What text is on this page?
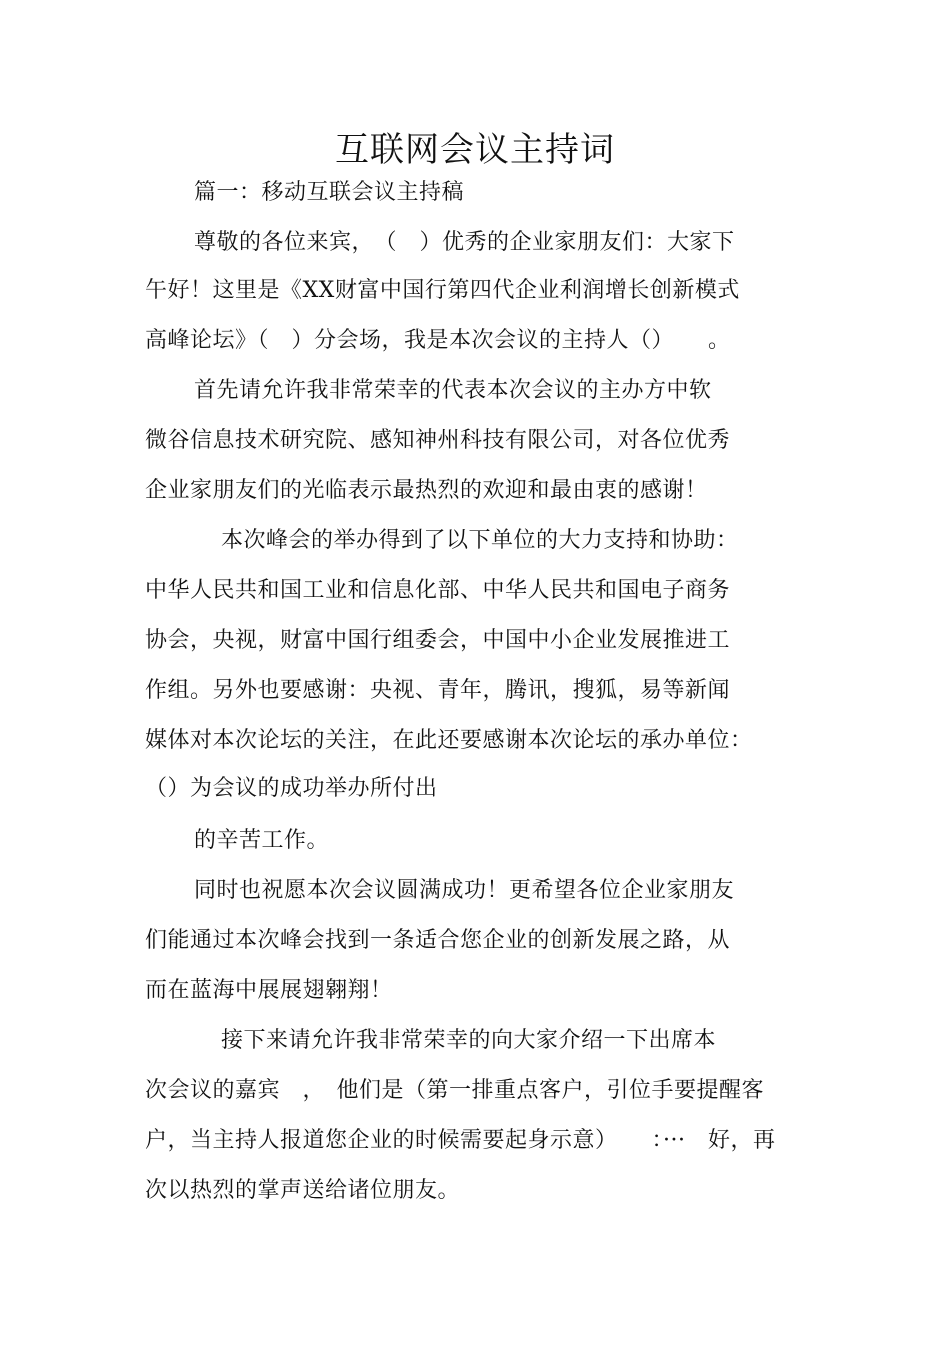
互联网会议主持词
篇一：移动互联会议主持稿
尊敬的各位来宾，　（　）优秀的企业家朋友们：大家下
午好！这里是《XX财富中国行第四代企业利润增长创新模式
高峰论坛》（　）分会场，我是本次会议的主持人（）　　。
首先请允许我非常荣幸的代表本次会议的主办方中软
微谷信息技术研究院、感知神州科技有限公司，对各位优秀
企业家朋友们的光临表示最热烈的欢迎和最由衷的感谢！
本次峰会的举办得到了以下单位的大力支持和协助：
中华人民共和国工业和信息化部、中华人民共和国电子商务
协会，央视，财富中国行组委会，中国中小企业发展推进工
作组。另外也要感谢：央视、青年，腾讯，搜狐，易等新闻
媒体对本次论坛的关注，在此还要感谢本次论坛的承办单位：
（）为会议的成功举办所付出
的辛苦工作。
同时也祝愿本次会议圆满成功！更希望各位企业家朋友
们能通过本次峰会找到一条适合您企业的创新发展之路，从
而在蓝海中展展翅翱翔！
接下来请允许我非常荣幸的向大家介绍一下出席本
次会议的嘉宾　，　他们是（第一排重点客户，引位手要提醒客
户，当主持人报道您企业的时候需要起身示意）　　：···　好，再
次以热烈的掌声送给诸位朋友。
